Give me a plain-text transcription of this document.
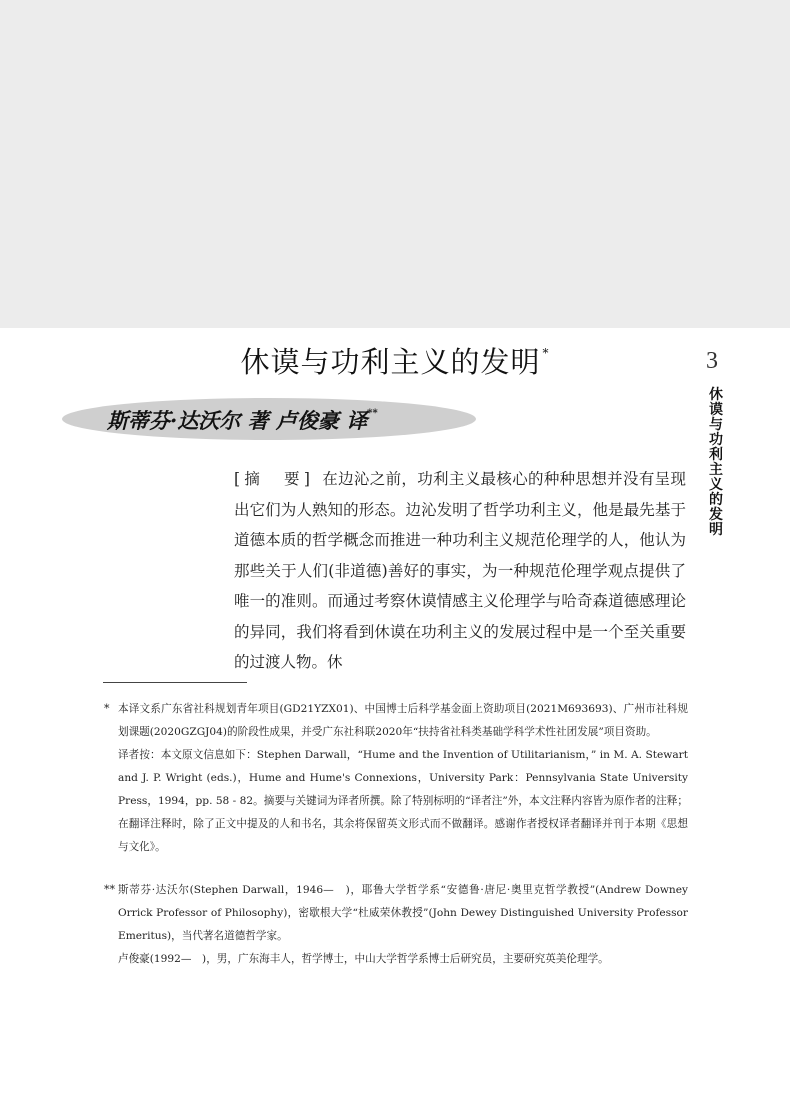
休谟与功利主义的发明 *	3
休
谟
与
功
利
主
义
的
发
明
斯蒂芬·达沃尔 著 卢俊豪 译**
[摘　要] 在边沁之前，功利主义最核心的种种思想并没有呈现出它们为人熟知的形态。边沁发明了哲学功利主义，他是最先基于道德本质的哲学概念而推进一种功利主义规范伦理学的人，他认为那些关于人们(非道德)善好的事实，为一种规范伦理学观点提供了唯一的准则。而通过考察休谟情感主义伦理学与哈奇森道德感理论的异同，我们将看到休谟在功利主义的发展过程中是一个至关重要的过渡人物。休
* 本译文系广东省社科规划青年项目(GD21YZX01)、中国博士后科学基金面上资助项目(2021M693693)、广州市社科规划课题(2020GZGJ04)的阶段性成果，并受广东社科联2020年“扶持省社科类基础学科学术性社团发展”项目资助。

译者按：本文原文信息如下：Stephen Darwall，“Hume and the Invention of Utilitarianism，” in M. A. Stewart and J. P. Wright (eds.)，Hume and Hume's Connexions，University Park：Pennsylvania State University Press，1994，pp. 58 - 82。摘要与关键词为译者所撰。除了特别标明的“译者注”外，本文注释内容皆为原作者的注释；在翻译注释时，除了正文中提及的人和书名，其余将保留英文形式而不做翻译。感谢作者授权译者翻译并刊于本期《思想与文化》。

** 斯蒂芬·达沃尔(Stephen Darwall，1946—　)，耶鲁大学哲学系“安德鲁·唐尼·奥里克哲学教授”(Andrew Downey Orrick Professor of Philosophy)，密歇根大学“杜威荣休教授”(John Dewey Distinguished University Professor Emeritus)，当代著名道德哲学家。

卢俊豪(1992—　)，男，广东海丰人，哲学博士，中山大学哲学系博士后研究员，主要研究英美伦理学。
